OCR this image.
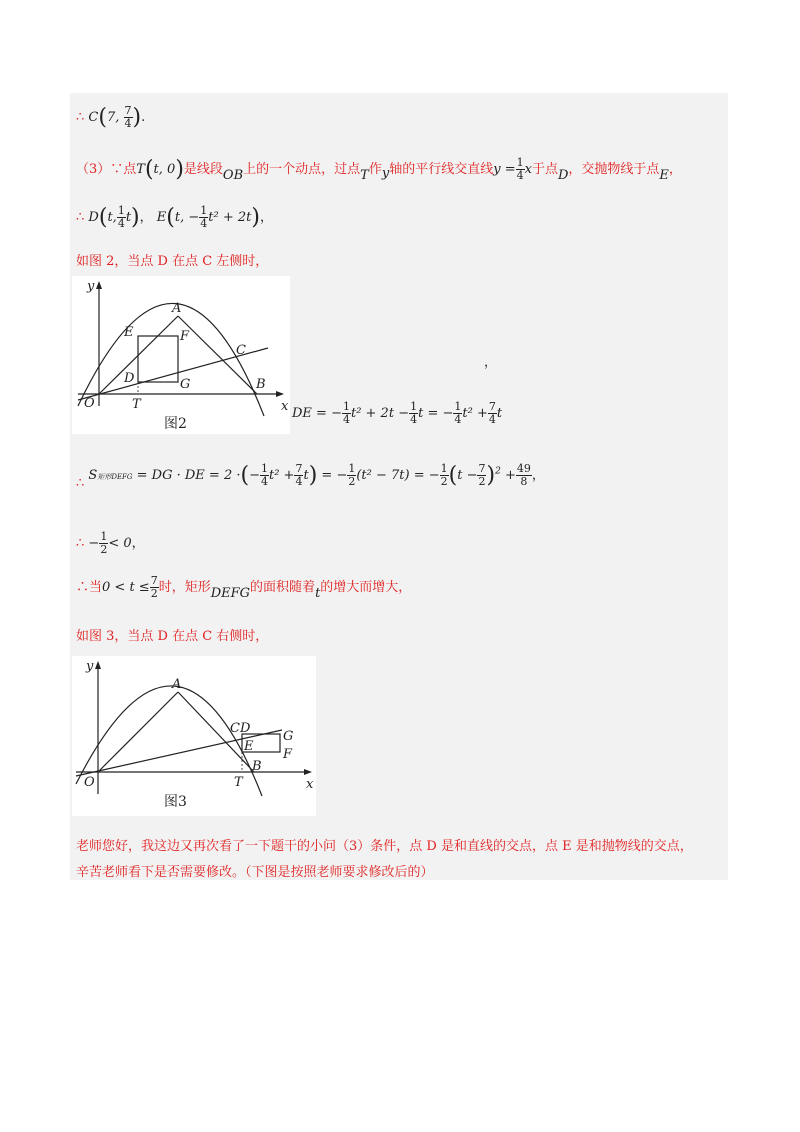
∴ C(7, $\frac{7}{4}$ ).
（3）∵点T(t, 0)是线段OB上的一个动点，过点T作y轴的平行线交直线$y = \frac{1}{4}$ x于点D，交抛物线于点E，
∴ D(t, $\frac{1}{4} t$)， E(t, − $\frac{1}{4} t^2 + 2t$)，
如图 2，当点 D 在点 C 左侧时，
y
x
A
E	F
C
D	G	B
O	T
图2
，
DE = − $\frac{1}{4} t^2 + 2t - \frac{1}{4}$ t = − $\frac{1}{4} t^2 + \frac{7}{4}$ t
∴ S矩形DEFG = DG · DE = 2 ·(− $\frac{1}{4} t^2 + \frac{7}{4} t$) = − $\frac{1}{2} (t^2 - 7t)$ = − $\frac{1}{2} (t - \frac{7}{2} )^2 + \frac{49}{8}$ ，
∴ − $\frac{1}{2} < 0$，
∴当$0 < t \le \frac{7}{2}$ 时，矩形DEFG的面积随着t的增大而增大，
如图 3，当点 D 在点 C 右侧时，
y
x
A
CD
G
E
F
O	T
B
图3
老师您好，我这边又再次看了一下题干的小问（3）条件，点 D 是和直线的交点，点 E 是和抛物线的交点，
辛苦老师看下是否需要修改。（下图是按照老师要求修改后的）
